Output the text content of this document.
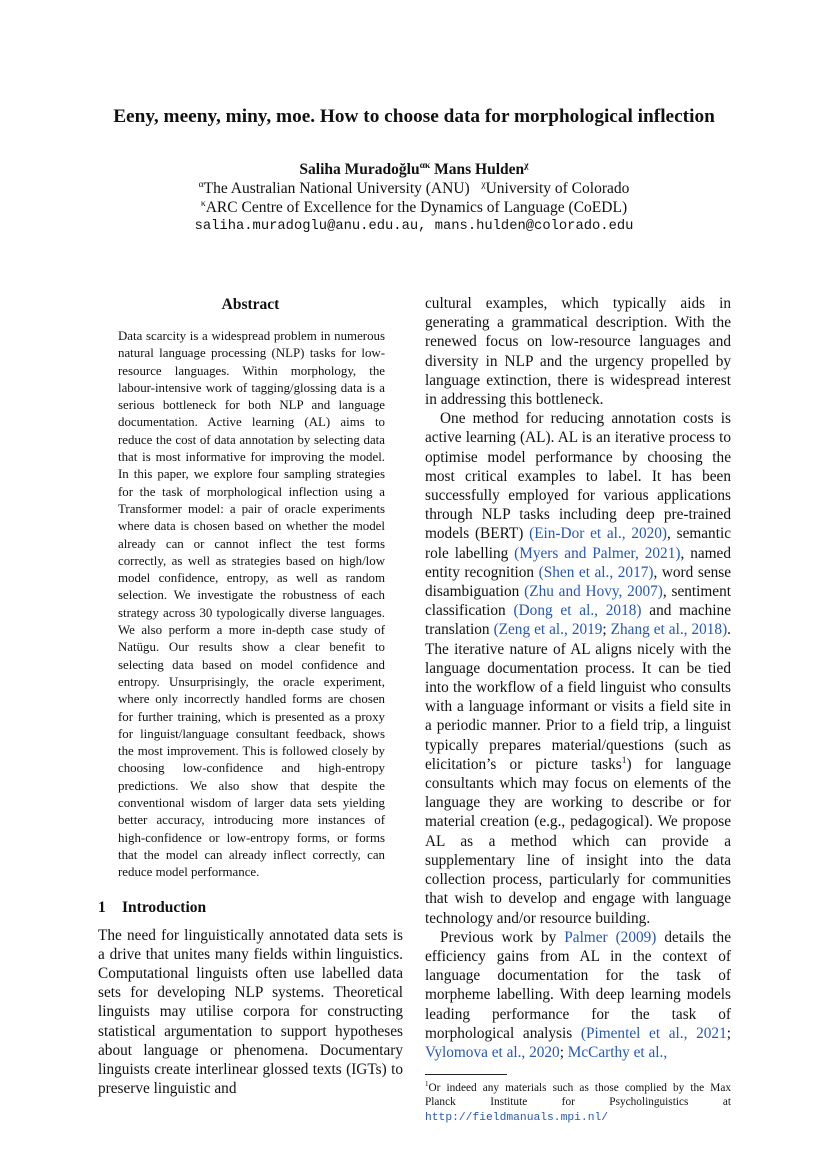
Eeny, meeny, miny, moe. How to choose data for morphological inflection
Saliha Muradoğlu$^{\alpha\kappa}$ Mans Hulden$^\chi$
$^\alpha$The Australian National University (ANU) $^\chi$University of Colorado
$^\kappa$ARC Centre of Excellence for the Dynamics of Language (CoEDL)
saliha.muradoglu@anu.edu.au, mans.hulden@colorado.edu
Abstract

Data scarcity is a widespread problem in numerous natural language processing (NLP) tasks for low-resource languages. Within morphology, the labour-intensive work of tagging/glossing data is a serious bottleneck for both NLP and language documentation. Active learning (AL) aims to reduce the cost of data annotation by selecting data that is most informative for improving the model. In this paper, we explore four sampling strategies for the task of morphological inflection using a Transformer model: a pair of oracle experiments where data is chosen based on whether the model already can or cannot inflect the test forms correctly, as well as strategies based on high/low model confidence, entropy, as well as random selection. We investigate the robustness of each strategy across 30 typologically diverse languages. We also perform a more in-depth case study of Natügu. Our results show a clear benefit to selecting data based on model confidence and entropy. Unsurprisingly, the oracle experiment, where only incorrectly handled forms are chosen for further training, which is presented as a proxy for linguist/language consultant feedback, shows the most improvement. This is followed closely by choosing low-confidence and high-entropy predictions. We also show that despite the conventional wisdom of larger data sets yielding better accuracy, introducing more instances of high-confidence or low-entropy forms, or forms that the model can already inflect correctly, can reduce model performance.

1 Introduction

The need for linguistically annotated data sets is a drive that unites many fields within linguistics. Computational linguists often use labelled data sets for developing NLP systems. Theoretical linguists may utilise corpora for constructing statistical argumentation to support hypotheses about language or phenomena. Documentary linguists create interlinear glossed texts (IGTs) to preserve linguistic and

cultural examples, which typically aids in generating a grammatical description. With the renewed focus on low-resource languages and diversity in NLP and the urgency propelled by language extinction, there is widespread interest in addressing this bottleneck.

One method for reducing annotation costs is active learning (AL). AL is an iterative process to optimise model performance by choosing the most critical examples to label. It has been successfully employed for various applications through NLP tasks including deep pre-trained models (BERT) (Ein-Dor et al., 2020), semantic role labelling (Myers and Palmer, 2021), named entity recognition (Shen et al., 2017), word sense disambiguation (Zhu and Hovy, 2007), sentiment classification (Dong et al., 2018) and machine translation (Zeng et al., 2019; Zhang et al., 2018). The iterative nature of AL aligns nicely with the language documentation process. It can be tied into the workflow of a field linguist who consults with a language informant or visits a field site in a periodic manner. Prior to a field trip, a linguist typically prepares material/questions (such as elicitation’s or picture tasks$^1$) for language consultants which may focus on elements of the language they are working to describe or for material creation (e.g., pedagogical). We propose AL as a method which can provide a supplementary line of insight into the data collection process, particularly for communities that wish to develop and engage with language technology and/or resource building.

Previous work by Palmer (2009) details the efficiency gains from AL in the context of language documentation for the task of morpheme labelling. With deep learning models leading performance for the task of morphological analysis (Pimentel et al., 2021; Vylomova et al., 2020; McCarthy et al.,

$^1$Or indeed any materials such as those complied by the Max Planck Institute for Psycholinguistics at http://fieldmanuals.mpi.nl/
